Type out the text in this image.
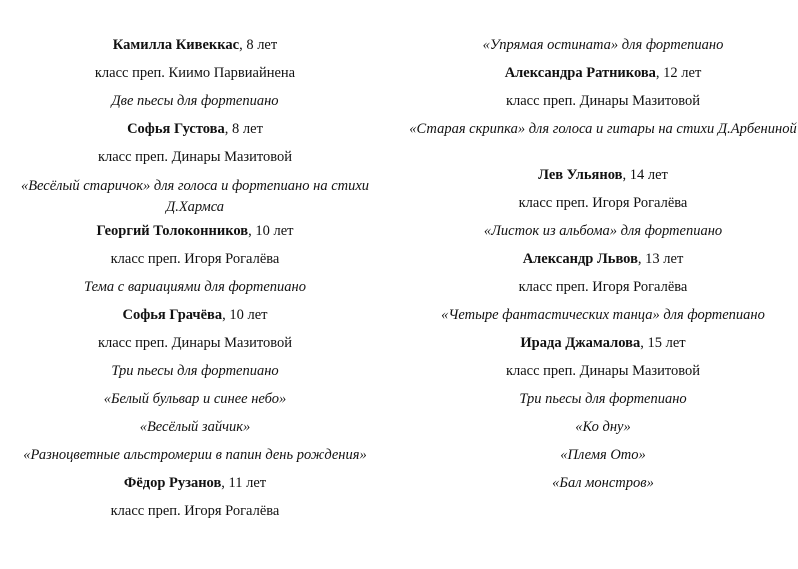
Камилла Кивеккас, 8 лет
класс преп. Киимо Парвиайнена
Две пьесы для фортепиано
Софья Густова, 8 лет
класс преп. Динары Мазитовой
«Весёлый старичок» для голоса и фортепиано на стихи Д.Хармса
Георгий Толоконников, 10 лет
класс преп. Игоря Рогалёва
Тема с вариациями для фортепиано
Софья Грачёва, 10 лет
класс преп. Динары Мазитовой
Три пьесы для фортепиано
«Белый бульвар и синее небо»
«Весёлый зайчик»
«Разноцветные альстромерии в папин день рождения»
Фёдор Рузанов, 11 лет
класс преп. Игоря Рогалёва
«Упрямая остината» для фортепиано
Александра Ратникова, 12 лет
класс преп. Динары Мазитовой
«Старая скрипка» для голоса и гитары на стихи Д.Арбениной
Лев Ульянов, 14 лет
класс преп. Игоря Рогалёва
«Листок из альбома» для фортепиано
Александр Львов, 13 лет
класс преп. Игоря Рогалёва
«Четыре фантастических танца» для фортепиано
Ирада Джамалова, 15 лет
класс преп. Динары Мазитовой
Три пьесы для фортепиано
«Ко дну»
«Племя Ото»
«Бал монстров»
